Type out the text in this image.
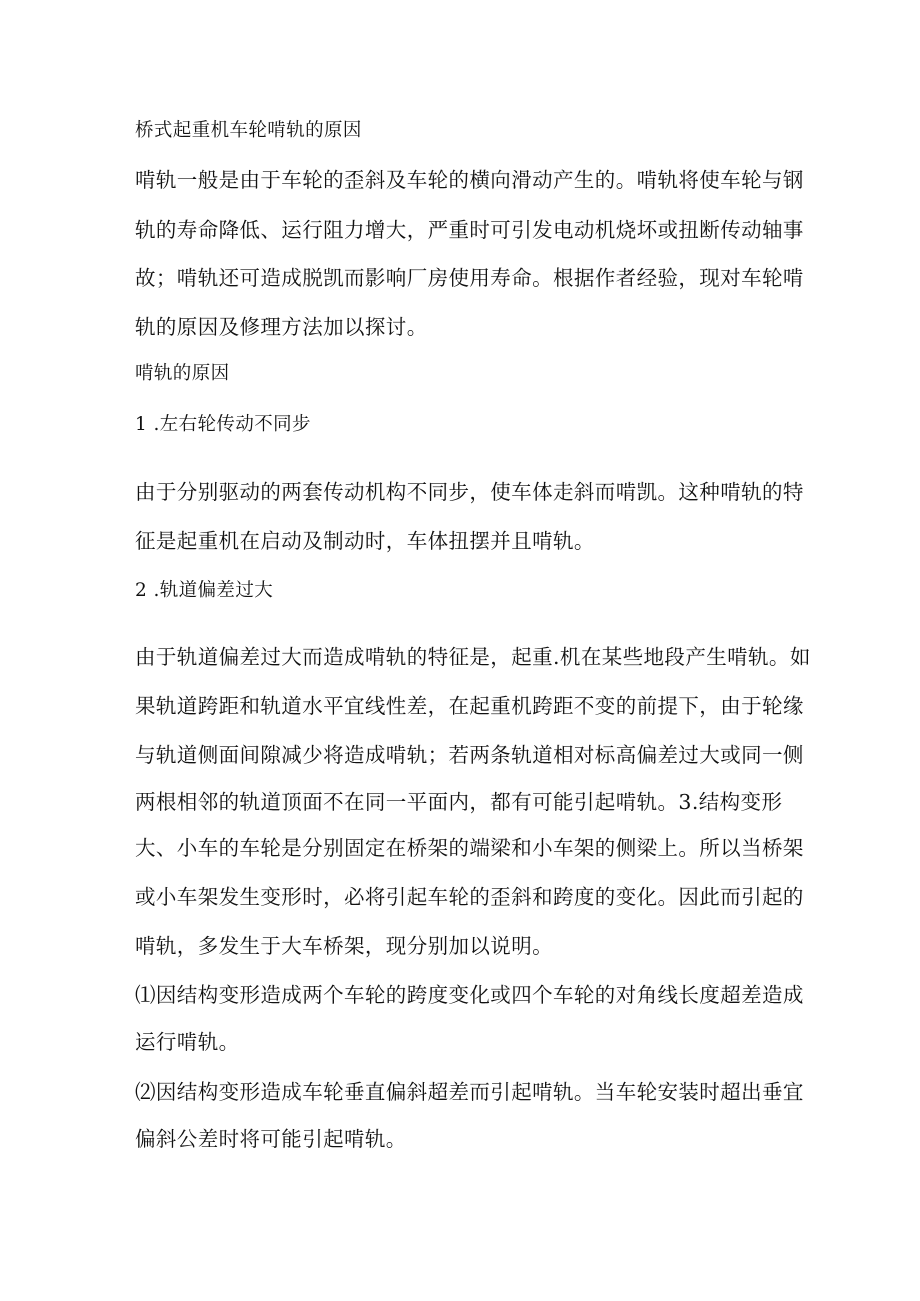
桥式起重机车轮啃轨的原因
啃轨一般是由于车轮的歪斜及车轮的横向滑动产生的。啃轨将使车轮与钢
轨的寿命降低、运行阻力增大，严重时可引发电动机烧坏或扭断传动轴事
故；啃轨还可造成脱凯而影响厂房使用寿命。根据作者经验，现对车轮啃
轨的原因及修理方法加以探讨。
啃轨的原因
1 .左右轮传动不同步
由于分别驱动的两套传动机构不同步，使车体走斜而啃凯。这种啃轨的特
征是起重机在启动及制动时，车体扭摆并且啃轨。
2 .轨道偏差过大
由于轨道偏差过大而造成啃轨的特征是，起重.机在某些地段产生啃轨。如
果轨道跨距和轨道水平宜线性差，在起重机跨距不变的前提下，由于轮缘
与轨道侧面间隙减少将造成啃轨；若两条轨道相对标高偏差过大或同一侧
两根相邻的轨道顶面不在同一平面内，都有可能引起啃轨。3.结构变形
大、小车的车轮是分别固定在桥架的端梁和小车架的侧梁上。所以当桥架
或小车架发生变形时，必将引起车轮的歪斜和跨度的变化。因此而引起的
啃轨，多发生于大车桥架，现分别加以说明。
⑴因结构变形造成两个车轮的跨度变化或四个车轮的对角线长度超差造成
运行啃轨。
⑵因结构变形造成车轮垂直偏斜超差而引起啃轨。当车轮安装时超出垂宜
偏斜公差时将可能引起啃轨。
